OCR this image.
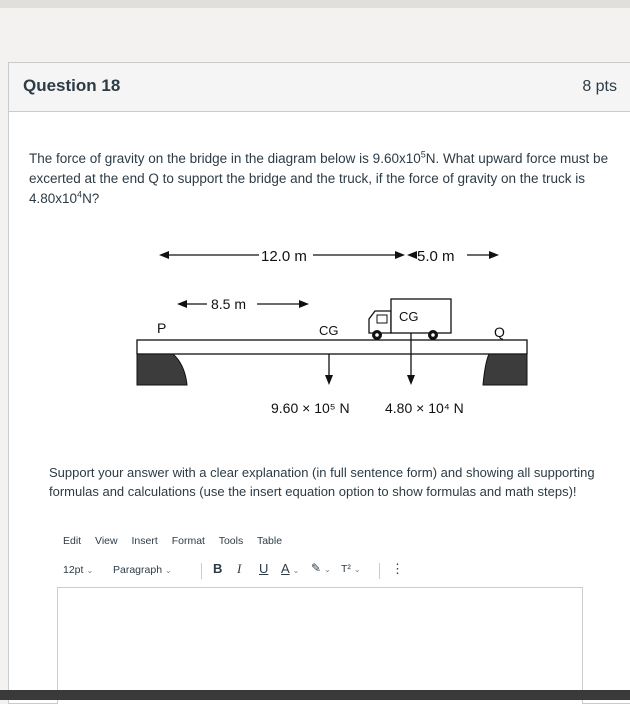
Question 18	8 pts
The force of gravity on the bridge in the diagram below is $9.60x10^5N$. What upward force must be excerted at the end Q to support the bridge and the truck, if the force of gravity on the truck is $4.80x10^4N$?
12.0 m	5.0 m
8.5 m
P	Q
CG
CG
9.60 × 10⁵ N	4.80 × 10⁴ N
Support your answer with a clear explanation (in full sentence form) and showing all supporting formulas and calculations (use the insert equation option to show formulas and math steps)!
Edit View Insert Format Tools Table
12pt ⌄ Paragraph ⌄	B I U A ⌄ ✎ ⌄ T² ⌄ ⋮
